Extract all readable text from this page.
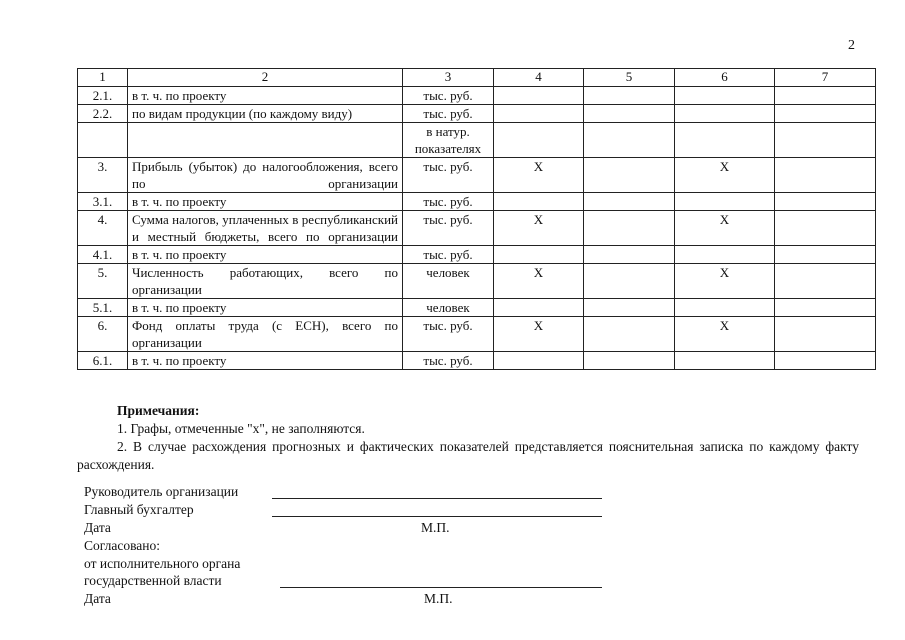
2
1	2	3	4	5	6	7
2.1.	в т. ч. по проекту	тыс. руб.				
2.2.	по видам продукции (по каждому виду)	тыс. руб.				
		в натур. показателях				
3.	Прибыль (убыток) до налогообложения, всего по организации	тыс. руб.	X		X	
3.1.	в т. ч. по проекту	тыс. руб.				
4.	Сумма налогов, уплаченных в республиканский и местный бюджеты, всего по организации	тыс. руб.	X		X	
4.1.	в т. ч. по проекту	тыс. руб.				
5.	Численность работающих, всего по организации	человек	X		X	
5.1.	в т. ч. по проекту	человек				
6.	Фонд оплаты труда (с ЕСН), всего по организации	тыс. руб.	X		X	
6.1.	в т. ч. по проекту	тыс. руб.				
Примечания:
1. Графы, отмеченные "x", не заполняются.
2. В случае расхождения прогнозных и фактических показателей представляется пояснительная записка по каждому факту расхождения.
Руководитель организации
Главный бухгалтер
Дата	М.П.
Согласовано:
от исполнительного органа
государственной власти
Дата	М.П.
